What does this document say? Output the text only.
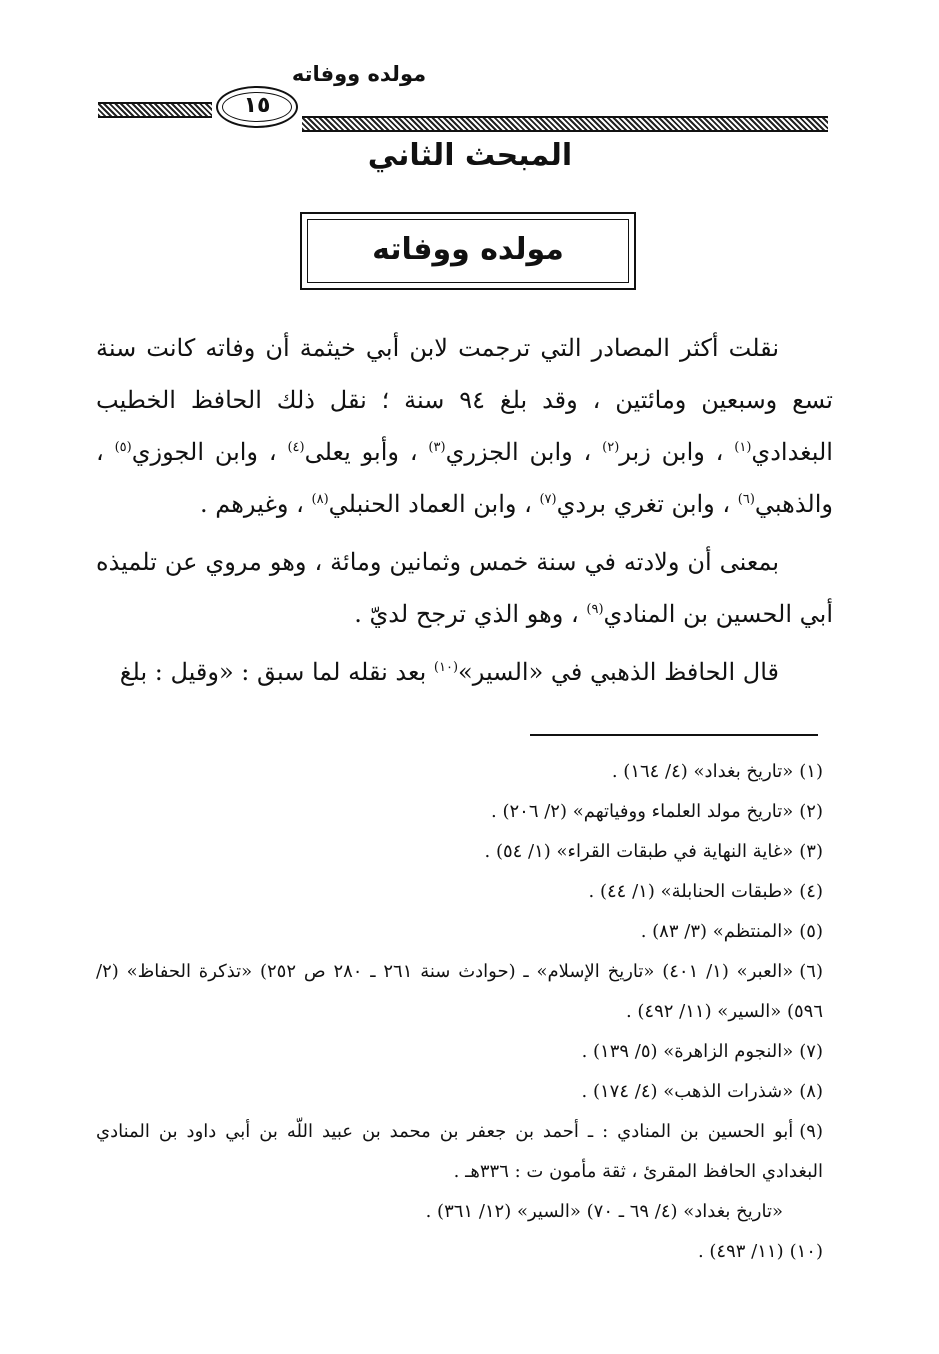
مولده ووفاته
١٥
المبحث الثاني
مولده ووفاته

نقلت أكثر المصادر التي ترجمت لابن أبي خيثمة أن وفاته كانت سنة تسع وسبعين ومائتين ، وقد بلغ ٩٤ سنة ؛ نقل ذلك الحافظ الخطيب البغدادي$^{(١)}$ ، وابن زبر$^{(٢)}$ ، وابن الجزري$^{(٣)}$ ، وأبو يعلى$^{(٤)}$ ، وابن الجوزي$^{(٥)}$ ، والذهبي$^{(٦)}$ ، وابن تغري بردي$^{(٧)}$ ، وابن العماد الحنبلي$^{(٨)}$ ، وغيرهم .

بمعنى أن ولادته في سنة خمس وثمانين ومائة ، وهو مروي عن تلميذه أبي الحسين بن المنادي$^{(٩)}$ ، وهو الذي ترجح لديّ .

قال الحافظ الذهبي في «السير»$^{(١٠)}$ بعد نقله لما سبق : «وقيل : بلغ

(١)«تاريخ بغداد» (٤/ ١٦٤) .

(٢)«تاريخ مولد العلماء ووفياتهم» (٢/ ٢٠٦) .

(٣)«غاية النهاية في طبقات القراء» (١/ ٥٤) .

(٤)«طبقات الحنابلة» (١/ ٤٤) .

(٥)«المنتظم» (٣/ ٨٣) .

(٦)«العبر» (١/ ٤٠١) «تاريخ الإسلام» ـ (حوادث سنة ٢٦١ ـ ٢٨٠ ص ٢٥٢) «تذكرة الحفاظ» (٢/ ٥٩٦) «السير» (١١/ ٤٩٢) .

(٧)«النجوم الزاهرة» (٥/ ١٣٩) .

(٨)«شذرات الذهب» (٤/ ١٧٤) .

(٩)أبو الحسين بن المنادي : ـ أحمد بن جعفر بن محمد بن عبيد اللّه بن أبي داود بن المنادي البغدادي الحافظ المقرئ ، ثقة مأمون ت : ٣٣٦هـ .

«تاريخ بغداد» (٤/ ٦٩ ـ ٧٠) «السير» (١٢/ ٣٦١) .

(١٠)(١١/ ٤٩٣) .
